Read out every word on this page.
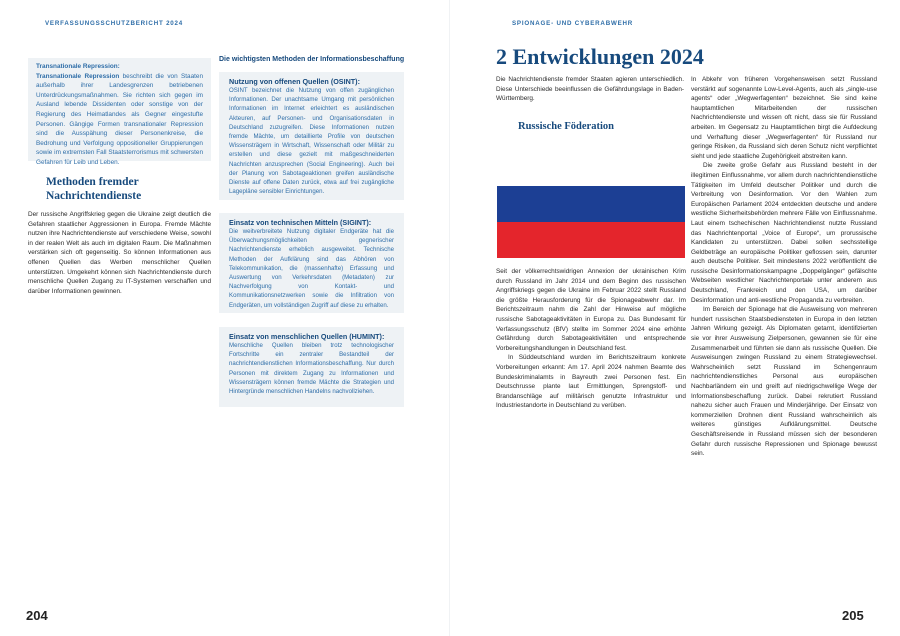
VERFASSUNGSSCHUTZBERICHT 2024
Transnationale Repression:
Transnationale Repression beschreibt die von Staaten außerhalb ihrer Landesgrenzen betriebenen Unterdrückungsmaßnahmen. Sie richten sich gegen im Ausland lebende Dissidenten oder sonstige von der Regierung des Heimatlandes als Gegner eingestufte Personen. Gängige Formen transnationaler Repression sind die Ausspähung dieser Personenkreise, die Bedrohung und Verfolgung oppositioneller Gruppierungen sowie im extremsten Fall Staatsterrorismus mit schwersten Gefahren für Leib und Leben.
Methoden fremder Nachrichtendienste
Der russische Angriffskrieg gegen die Ukraine zeigt deutlich die Gefahren staatlicher Aggressionen in Europa. Fremde Mächte nutzen ihre Nachrichtendienste auf verschiedene Weise, sowohl in der realen Welt als auch im digitalen Raum. Die Maßnahmen verstärken sich oft gegenseitig. So können Informationen aus offenen Quellen das Werben menschlicher Quellen unterstützen. Umgekehrt können sich Nachrichtendienste durch menschliche Quellen Zugang zu IT-Systemen verschaffen und darüber Informationen gewinnen.
Die wichtigsten Methoden der Informationsbeschaffung
Nutzung von offenen Quellen (OSINT):
OSINT bezeichnet die Nutzung von offen zugänglichen Informationen. Der unachtsame Umgang mit persönlichen Informationen im Internet erleichtert es ausländischen Akteuren, auf Personen- und Organisationsdaten in Deutschland zuzugreifen. Diese Informationen nutzen fremde Mächte, um detaillierte Profile von deutschen Wissensträgern in Wirtschaft, Wissenschaft oder Militär zu erstellen und diese gezielt mit maßgeschneiderten Nachrichten anzusprechen (Social Engineering). Auch bei der Planung von Sabotageaktionen greifen ausländische Dienste auf offene Daten zurück, etwa auf frei zugängliche Lagepläne sensibler Einrichtungen.
Einsatz von technischen Mitteln (SIGINT):
Die weitverbreitete Nutzung digitaler Endgeräte hat die Überwachungsmöglichkeiten gegnerischer Nachrichtendienste erheblich ausgeweitet. Technische Methoden der Aufklärung sind das Abhören von Telekommunikation, die (massenhafte) Erfassung und Auswertung von Verkehrsdaten (Metadaten) zur Nachverfolgung von Kontakt- und Kommunikationsnetzwerken sowie die Infiltration von Endgeräten, um vollständigen Zugriff auf diese zu erhalten.
Einsatz von menschlichen Quellen (HUMINT):
Menschliche Quellen bleiben trotz technologischer Fortschritte ein zentraler Bestandteil der nachrichtendienstlichen Informationsbeschaffung. Nur durch Personen mit direktem Zugang zu Informationen und Wissensträgern können fremde Mächte die Strategien und Hintergründe menschlichen Handelns nachvollziehen.
204
SPIONAGE- UND CYBERABWEHR
2 Entwicklungen 2024
Die Nachrichtendienste fremder Staaten agieren unterschiedlich. Diese Unterschiede beeinflussen die Gefährdungslage in Baden-Württemberg.
Russische Föderation
Seit der völkerrechtswidrigen Annexion der ukrainischen Krim durch Russland im Jahr 2014 und dem Beginn des russischen Angriffskriegs gegen die Ukraine im Februar 2022 stellt Russland die größte Herausforderung für die Spionageabwehr dar. Im Berichtszeitraum nahm die Zahl der Hinweise auf mögliche russische Sabotageaktivitäten in Europa zu. Das Bundesamt für Verfassungsschutz (BfV) stellte im Sommer 2024 eine erhöhte Gefährdung durch Sabotageaktivitäten und entsprechende Vorbereitungshandlungen in Deutschland fest.
In Süddeutschland wurden im Berichtszeitraum konkrete Vorbereitungen erkannt: Am 17. April 2024 nahmen Beamte des Bundeskriminalamts in Bayreuth zwei Personen fest. Ein Deutschrusse plante laut Ermittlungen, Sprengstoff- und Brandanschläge auf militärisch genutzte Infrastruktur und Industriestandorte in Deutschland zu verüben.
In Abkehr von früheren Vorgehensweisen setzt Russland verstärkt auf sogenannte Low-Level-Agents, auch als „single-use agents“ oder „Wegwerfagenten“ bezeichnet. Sie sind keine hauptamtlichen Mitarbeitenden der russischen Nachrichtendienste und wissen oft nicht, dass sie für Russland arbeiten. Im Gegensatz zu Hauptamtlichen birgt die Aufdeckung und Verhaftung dieser „Wegwerfagenten“ für Russland nur geringe Risiken, da Russland sich deren Schutz nicht verpflichtet sieht und jede staatliche Zugehörigkeit abstreiten kann.
Die zweite große Gefahr aus Russland besteht in der illegitimen Einflussnahme, vor allem durch nachrichtendienstliche Tätigkeiten im Umfeld deutscher Politiker und durch die Verbreitung von Desinformation. Vor den Wahlen zum Europäischen Parlament 2024 entdeckten deutsche und andere westliche Sicherheitsbehörden mehrere Fälle von Einflussnahme. Laut einem tschechischen Nachrichtendienst nutzte Russland das Nachrichtenportal „Voice of Europe“, um prorussische Kandidaten zu unterstützen. Dabei sollen sechsstellige Geldbeträge an europäische Politiker geflossen sein, darunter auch deutsche Politiker. Seit mindestens 2022 veröffentlicht die russische Desinformationskampagne „Doppelgänger“ gefälschte Webseiten westlicher Nachrichtenportale unter anderem aus Deutschland, Frankreich und den USA, um darüber Desinformation und anti-westliche Propaganda zu verbreiten.
Im Bereich der Spionage hat die Ausweisung von mehreren hundert russischen Staatsbediensteten in Europa in den letzten Jahren Wirkung gezeigt. Als Diplomaten getarnt, identifizierten sie vor ihrer Ausweisung Zielpersonen, gewannen sie für eine Zusammenarbeit und führten sie dann als russische Quellen. Die Ausweisungen zwingen Russland zu einem Strategiewechsel. Wahrscheinlich setzt Russland im Schengenraum nachrichtendienstliches Personal aus europäischen Nachbarländern ein und greift auf niedrigschwellige Wege der Informationsbeschaffung zurück. Dabei rekrutiert Russland nahezu sicher auch Frauen und Minderjährige. Der Einsatz von kommerziellen Drohnen dient Russland wahrscheinlich als weiteres günstiges Aufklärungsmittel. Deutsche Geschäftsreisende in Russland müssen sich der besonderen Gefahr durch russische Repressionen und Spionage bewusst sein.
205
